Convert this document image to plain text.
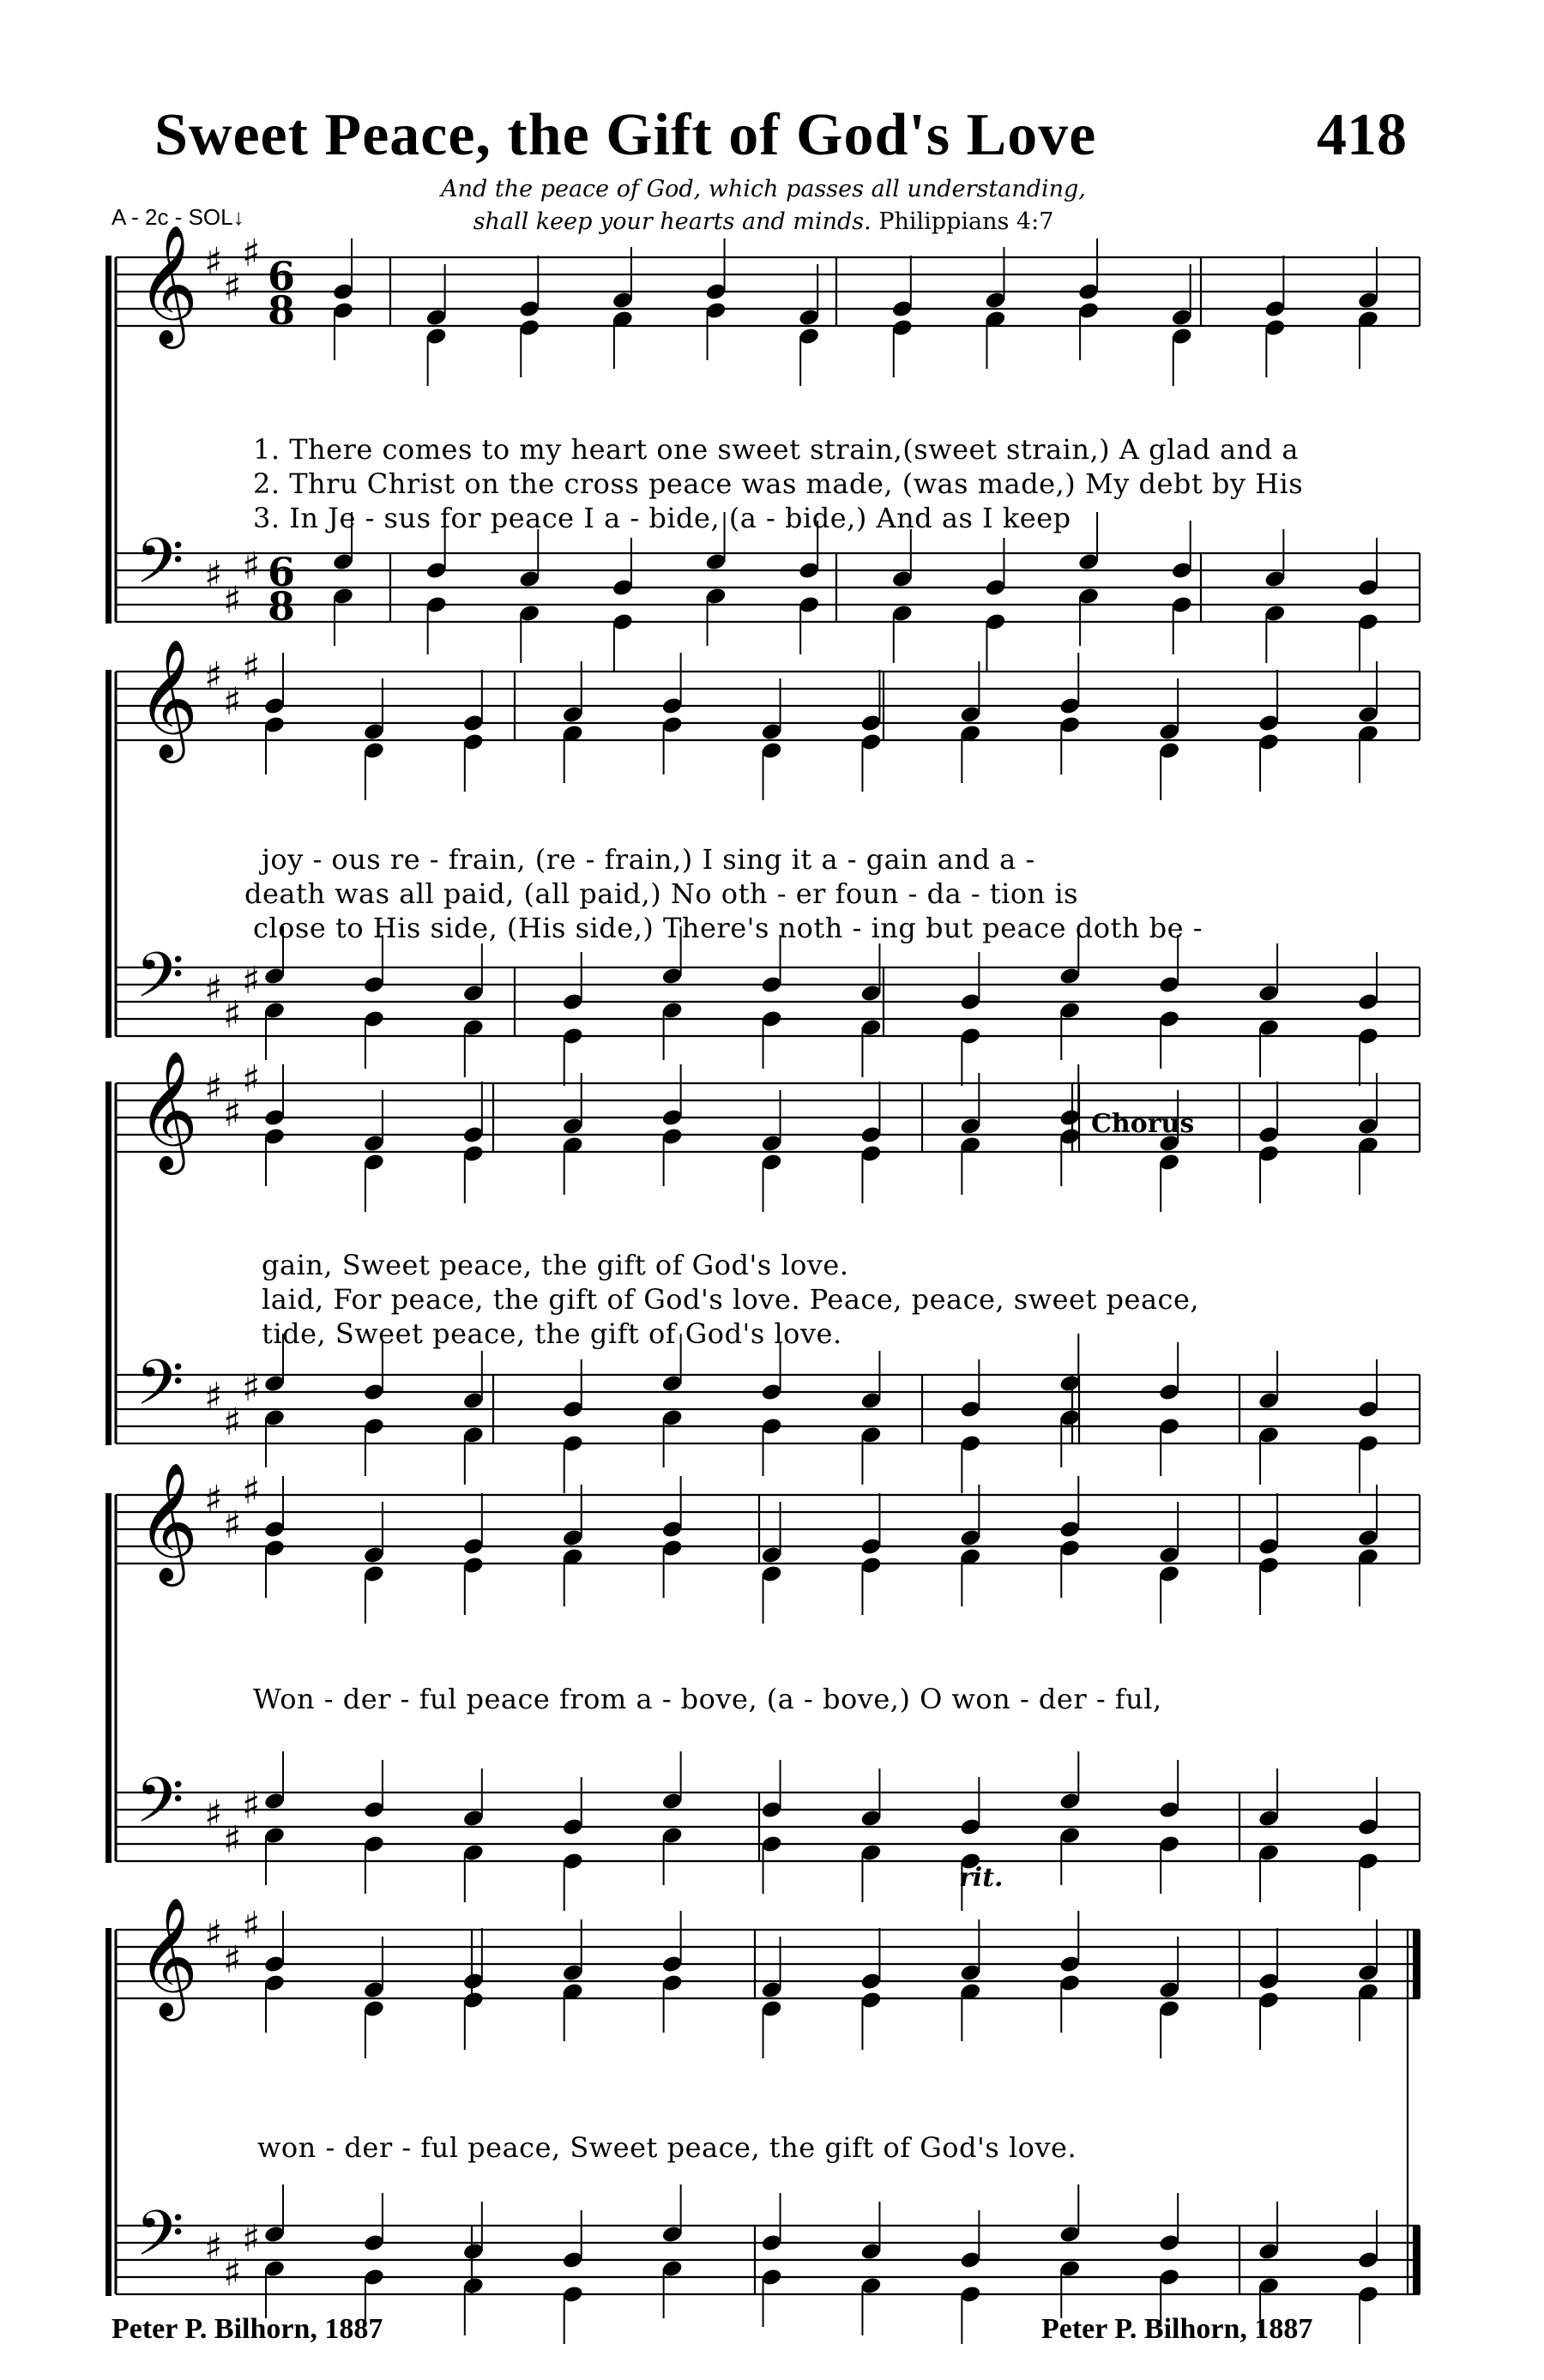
Sweet Peace, the Gift of God's Love	418
A - 2c - SOL↓
And the peace of God, which passes all understanding,
shall keep your hearts and minds. Philippians 4:7
𝄞
𝄢
♯
♯
♯
♯
♯
♯
6
8
6
8
𝄞
𝄢
♯
♯
♯
♯
♯
♯
𝄞
𝄢
♯
♯
♯
♯
♯
♯
𝄞
𝄢
♯
♯
♯
♯
♯
♯
𝄞
𝄢
♯
♯
♯
♯
♯
♯
Chorus
rit.
1. There comes to my heart one sweet strain,(sweet strain,) A glad and a
2. Thru Christ on the cross peace was made, (was made,) My debt by His
3. In Je - sus for peace I a - bide, (a - bide,) And as I keep
joy - ous re - frain, (re - frain,) I sing it a - gain and a -
death was all paid, (all paid,) No oth - er foun - da - tion is
close to His side, (His side,) There's noth - ing but peace doth be -
gain, Sweet peace, the gift of God's love.
laid, For peace, the gift of God's love. Peace, peace, sweet peace,
tide, Sweet peace, the gift of God's love.
Won - der - ful peace from a - bove, (a - bove,) O won - der - ful,
won - der - ful peace, Sweet peace, the gift of God's love.
Peter P. Bilhorn, 1887	Peter P. Bilhorn, 1887
